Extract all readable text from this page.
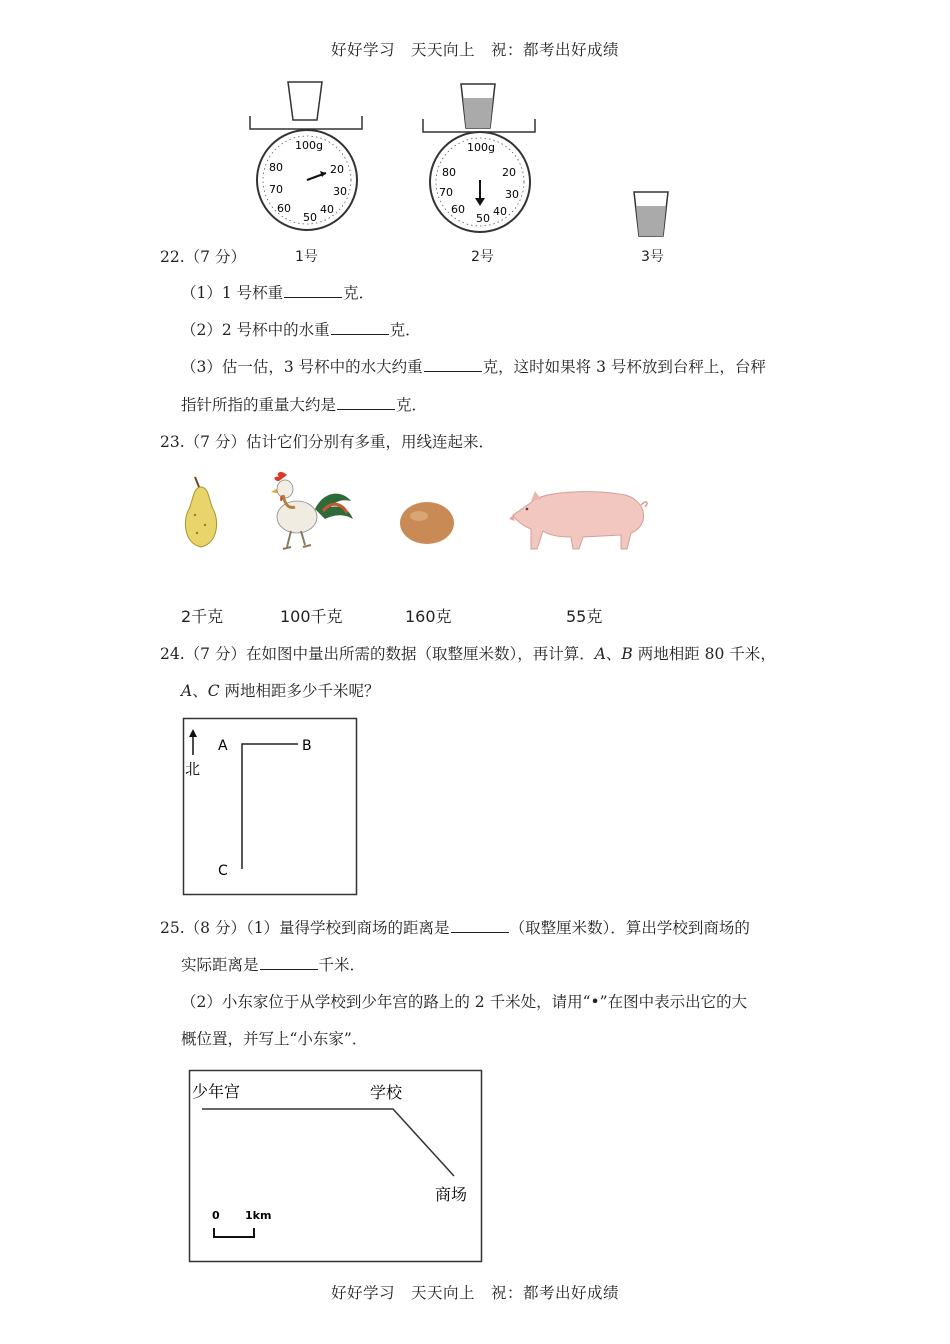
好好学习　天天向上　祝：都考出好成绩
100g
20
30
40
50
60
70
80
100g
20
30
40
50
60
70
80
22.（7 分）	1号	2号	3号
（1）1 号杯重	克．
（2）2 号杯中的水重	克．
（3）估一估，3 号杯中的水大约重	克，这时如果将 3 号杯放到台秤上，台秤
指针所指的重量大约是	克．
23.（7 分）估计它们分别有多重，用线连起来．
2千克	100千克	160克	55克
24.（7 分）在如图中量出所需的数据（取整厘米数），再计算．A、B 两地相距 80 千米，
A、C 两地相距多少千米呢？
北
A	B
C
25.（8 分）（1）量得学校到商场的距离是	（取整厘米数）．算出学校到商场的
实际距离是	千米．
（2）小东家位于从学校到少年宫的路上的 2 千米处，请用“•”在图中表示出它的大
概位置，并写上“小东家”．
少年宫	学校
商场
0 1km
好好学习　天天向上　祝：都考出好成绩
